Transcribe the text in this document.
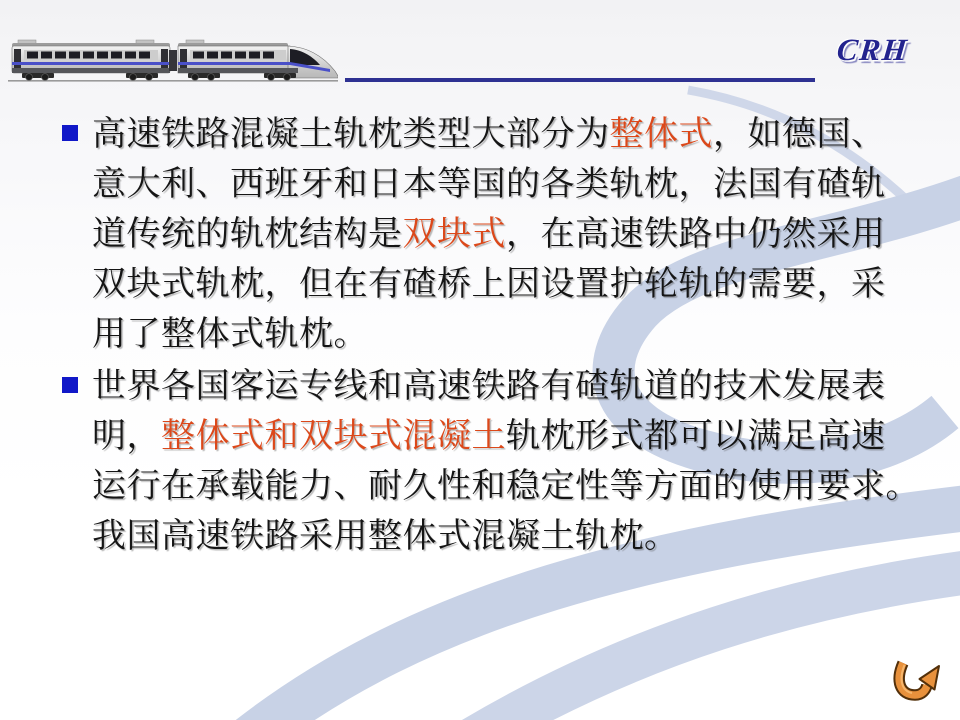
CRH
高速铁路混凝土轨枕类型大部分为整体式，如德国、
意大利、西班牙和日本等国的各类轨枕，法国有碴轨
道传统的轨枕结构是双块式，在高速铁路中仍然采用
双块式轨枕，但在有碴桥上因设置护轮轨的需要，采
用了整体式轨枕。
世界各国客运专线和高速铁路有碴轨道的技术发展表
明，整体式和双块式混凝土轨枕形式都可以满足高速
运行在承载能力、耐久性和稳定性等方面的使用要求。
我国高速铁路采用整体式混凝土轨枕。
